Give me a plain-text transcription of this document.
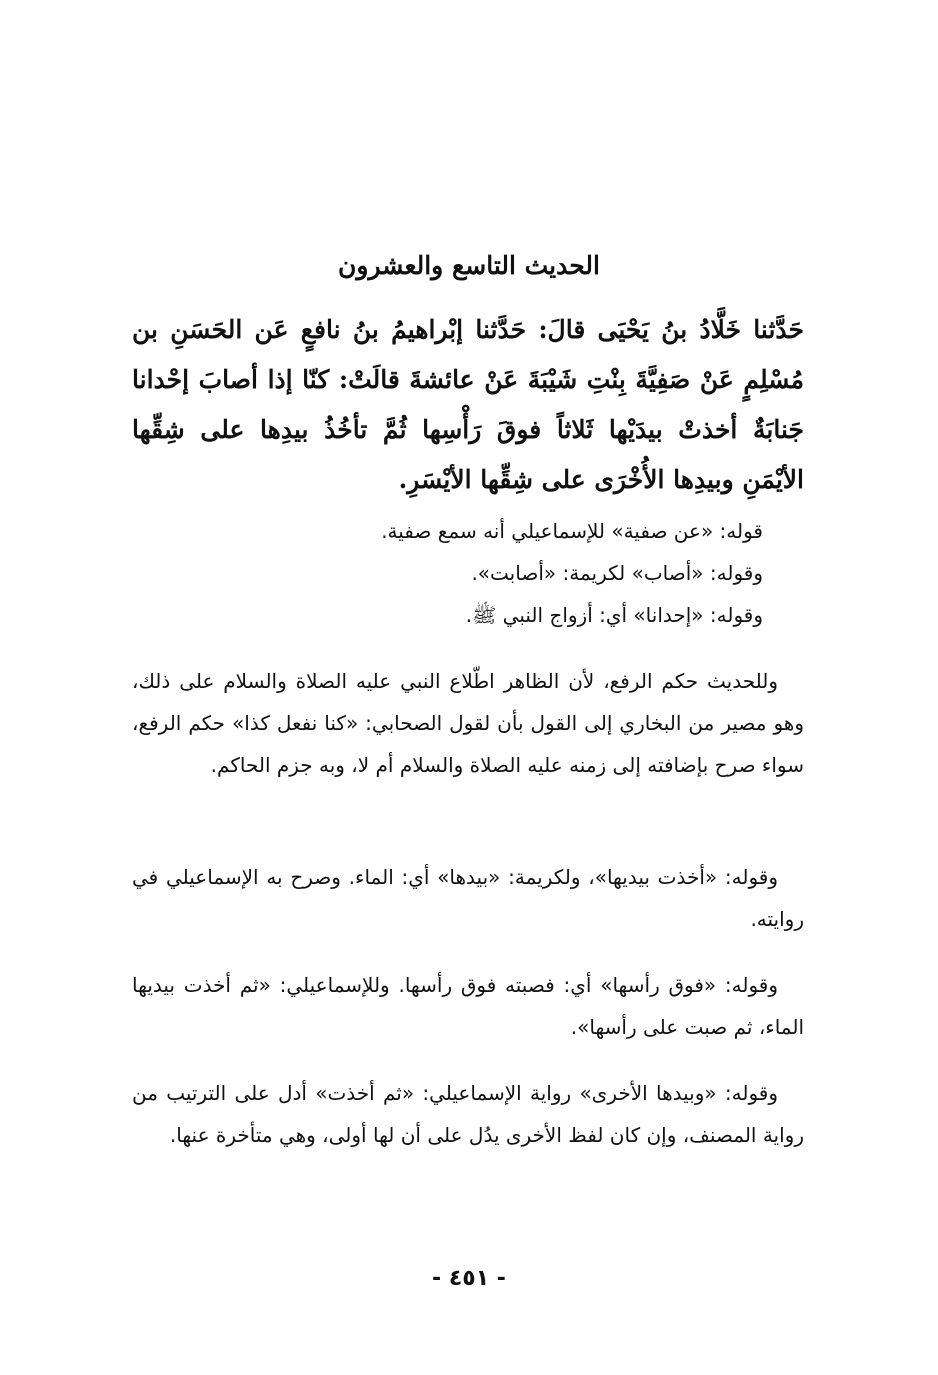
الحديث التاسع والعشرون

حَدَّثنا خَلَّادُ بنُ يَحْيَى قالَ: حَدَّثنا إبْراهيمُ بنُ نافعٍ عَن الحَسَنِ بن مُسْلِمٍ عَنْ صَفِيَّةَ بِنْتِ شَيْبَةَ عَنْ عائشةَ قالَتْ: كنّا إذا أصابَ إحْدانا جَنابَةٌ أخذتْ بيدَيْها ثَلاثاً فوقَ رَأْسِها ثُمَّ تأخُذُ بيدِها على شِقِّها الأيْمَنِ وبيدِها الأُخْرَى على شِقِّها الأيْسَرِ.

قوله: «عن صفية» للإسماعيلي أنه سمع صفية.
وقوله: «أصاب» لكريمة: «أصابت».
وقوله: «إحدانا» أي: أزواج النبي ﷺ.

وللحديث حكم الرفع، لأن الظاهر اطّلاع النبي عليه الصلاة والسلام على ذلك، وهو مصير من البخاري إلى القول بأن لقول الصحابي: «كنا نفعل كذا» حكم الرفع، سواء صرح بإضافته إلى زمنه عليه الصلاة والسلام أم لا، وبه جزم الحاكم.

وقوله: «أخذت بيديها»، ولكريمة: «بيدها» أي: الماء. وصرح به الإسماعيلي في روايته.

وقوله: «فوق رأسها» أي: فصبته فوق رأسها. وللإسماعيلي: «ثم أخذت بيديها الماء، ثم صبت على رأسها».

وقوله: «وبيدها الأخرى» رواية الإسماعيلي: «ثم أخذت» أدل على الترتيب من رواية المصنف، وإن كان لفظ الأخرى يدُل على أن لها أولى، وهي متأخرة عنها.

- ٤٥١ -
